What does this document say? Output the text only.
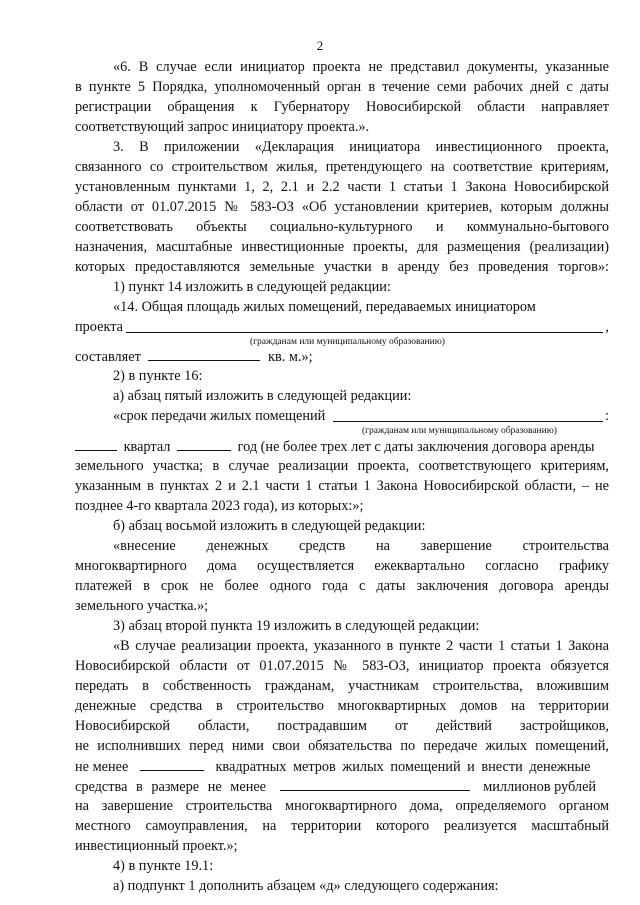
2
«6. В случае если инициатор проекта не представил документы, указанные
в пункте 5 Порядка, уполномоченный орган в течение семи рабочих дней с даты
регистрации обращения к Губернатору Новосибирской области направляет
соответствующий запрос инициатору проекта.».
3. В приложении «Декларация инициатора инвестиционного проекта,
связанного со строительством жилья, претендующего на соответствие критериям,
установленным пунктами 1, 2, 2.1 и 2.2 части 1 статьи 1 Закона Новосибирской
области от 01.07.2015 № 583-ОЗ «Об установлении критериев, которым должны
соответствовать объекты социально-культурного и коммунально-бытового
назначения, масштабные инвестиционные проекты, для размещения (реализации)
которых предоставляются земельные участки в аренду без проведения торгов»:
1) пункт 14 изложить в следующей редакции:
«14. Общая площадь жилых помещений, передаваемых инициатором
проекта	,
(гражданам или муниципальному образованию)
составляет	кв. м.»;
2) в пункте 16:
а) абзац пятый изложить в следующей редакции:
«срок передачи жилых помещений	:
(гражданам или муниципальному образованию)
квартал	год (не более трех лет с даты заключения договора аренды
земельного участка; в случае реализации проекта, соответствующего критериям,
указанным в пунктах 2 и 2.1 части 1 статьи 1 Закона Новосибирской области, – не
позднее 4-го квартала 2023 года), из которых:»;
б) абзац восьмой изложить в следующей редакции:
«внесение денежных средств на завершение строительства
многоквартирного дома осуществляется ежеквартально согласно графику
платежей в срок не более одного года с даты заключения договора аренды
земельного участка.»;
3) абзац второй пункта 19 изложить в следующей редакции:
«В случае реализации проекта, указанного в пункте 2 части 1 статьи 1 Закона
Новосибирской области от 01.07.2015 № 583-ОЗ, инициатор проекта обязуется
передать в собственность гражданам, участникам строительства, вложившим
денежные средства в строительство многоквартирных домов на территории
Новосибирской области, пострадавшим от действий застройщиков,
не исполнивших перед ними свои обязательства по передаче жилых помещений,
не менее	квадратных метров жилых помещений и внести денежные
средства в размере не менее	миллионов рублей
на завершение строительства многоквартирного дома, определяемого органом
местного самоуправления, на территории которого реализуется масштабный
инвестиционный проект.»;
4) в пункте 19.1:
а) подпункт 1 дополнить абзацем «д» следующего содержания:
